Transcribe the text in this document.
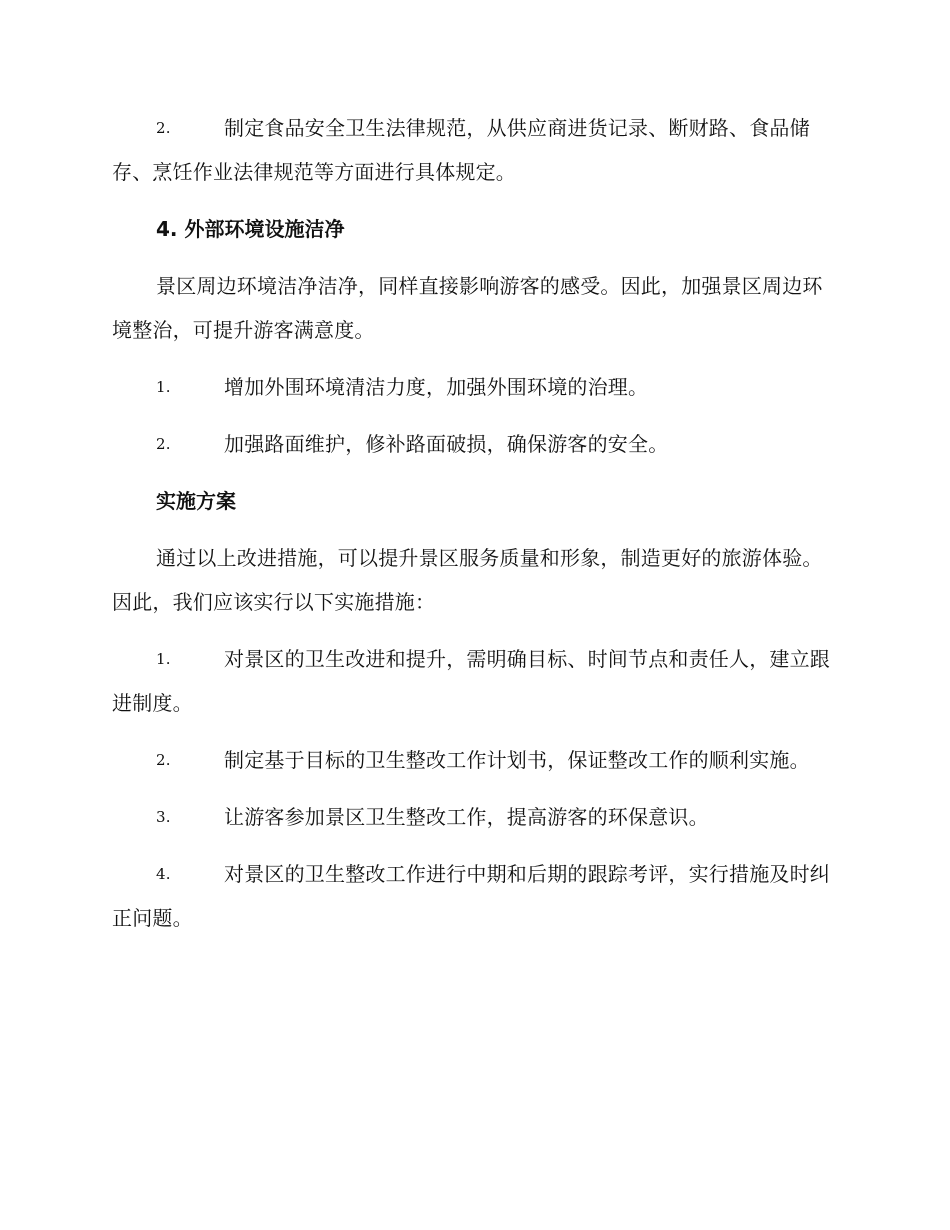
2.	制定食品安全卫生法律规范，从供应商进货记录、断财路、食品储存、烹饪作业法律规范等方面进行具体规定。
4. 外部环境设施洁净
景区周边环境洁净洁净，同样直接影响游客的感受。因此，加强景区周边环境整治，可提升游客满意度。
1.	增加外围环境清洁力度，加强外围环境的治理。
2.	加强路面维护，修补路面破损，确保游客的安全。
实施方案
通过以上改进措施，可以提升景区服务质量和形象，制造更好的旅游体验。因此，我们应该实行以下实施措施：
1.	对景区的卫生改进和提升，需明确目标、时间节点和责任人，建立跟进制度。
2.	制定基于目标的卫生整改工作计划书，保证整改工作的顺利实施。
3.	让游客参加景区卫生整改工作，提高游客的环保意识。
4.	对景区的卫生整改工作进行中期和后期的跟踪考评，实行措施及时纠正问题。
